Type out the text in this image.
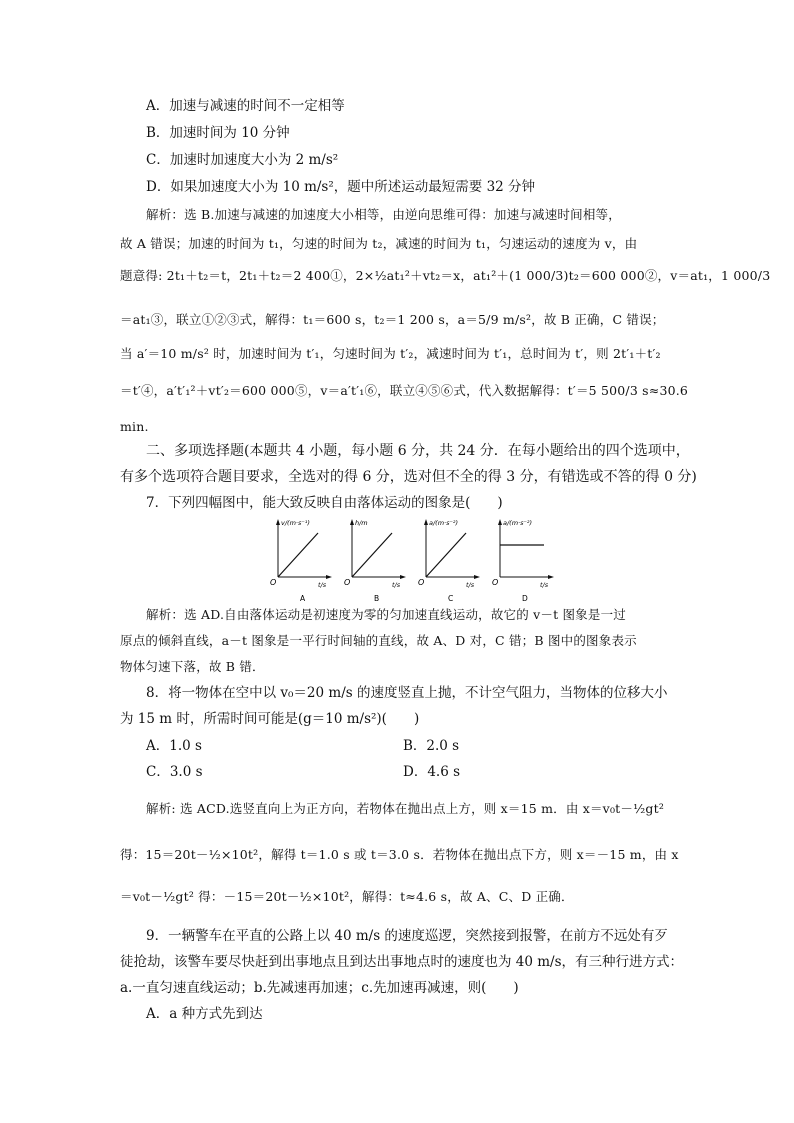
A．加速与减速的时间不一定相等
B．加速时间为 10 分钟
C．加速时加速度大小为 2 m/s²
D．如果加速度大小为 10 m/s²，题中所述运动最短需要 32 分钟
解析：选 B.加速与减速的加速度大小相等，由逆向思维可得：加速与减速时间相等，
故 A 错误；加速的时间为 t₁，匀速的时间为 t₂，减速的时间为 t₁，匀速运动的速度为 v，由
题意得: 2t₁＋t₂＝t，2t₁＋t₂＝2 400①，2×½at₁²＋vt₂＝x，at₁²＋(1 000/3)t₂＝600 000②，v＝at₁，1 000/3
＝at₁③，联立①②③式，解得：t₁＝600 s，t₂＝1 200 s，a＝5/9 m/s²，故 B 正确，C 错误；
当 a′＝10 m/s² 时，加速时间为 t′₁，匀速时间为 t′₂，减速时间为 t′₁，总时间为 t′，则 2t′₁＋t′₂
＝t′④，a′t′₁²＋vt′₂＝600 000⑤，v＝a′t′₁⑥，联立④⑤⑥式，代入数据解得：t′＝5 500/3 s≈30.6
min.
二、多项选择题(本题共 4 小题，每小题 6 分，共 24 分．在每小题给出的四个选项中，
有多个选项符合题目要求，全选对的得 6 分，选对但不全的得 3 分，有错选或不答的得 0 分)
7．下列四幅图中，能大致反映自由落体运动的图象是(　　)
v/(m·s⁻¹)
O	t/s
A
h/m
O	t/s
B
a/(m·s⁻²)
O	t/s
C
a/(m·s⁻²)
O	t/s
D
解析：选 AD.自由落体运动是初速度为零的匀加速直线运动，故它的 v－t 图象是一过
原点的倾斜直线，a－t 图象是一平行时间轴的直线，故 A、D 对，C 错；B 图中的图象表示
物体匀速下落，故 B 错．
8．将一物体在空中以 v₀＝20 m/s 的速度竖直上抛，不计空气阻力，当物体的位移大小
为 15 m 时，所需时间可能是(g＝10 m/s²)(　　)
A．1.0 s	B．2.0 s
C．3.0 s	D．4.6 s
解析: 选 ACD.选竖直向上为正方向，若物体在抛出点上方，则 x＝15 m．由 x＝v₀t－½gt²
得：15＝20t－½×10t²，解得 t＝1.0 s 或 t＝3.0 s．若物体在抛出点下方，则 x＝－15 m，由 x
＝v₀t－½gt² 得：－15＝20t－½×10t²，解得：t≈4.6 s，故 A、C、D 正确．
9．一辆警车在平直的公路上以 40 m/s 的速度巡逻，突然接到报警，在前方不远处有歹
徒抢劫，该警车要尽快赶到出事地点且到达出事地点时的速度也为 40 m/s，有三种行进方式：
a.一直匀速直线运动；b.先减速再加速；c.先加速再减速，则(　　)
A．a 种方式先到达
